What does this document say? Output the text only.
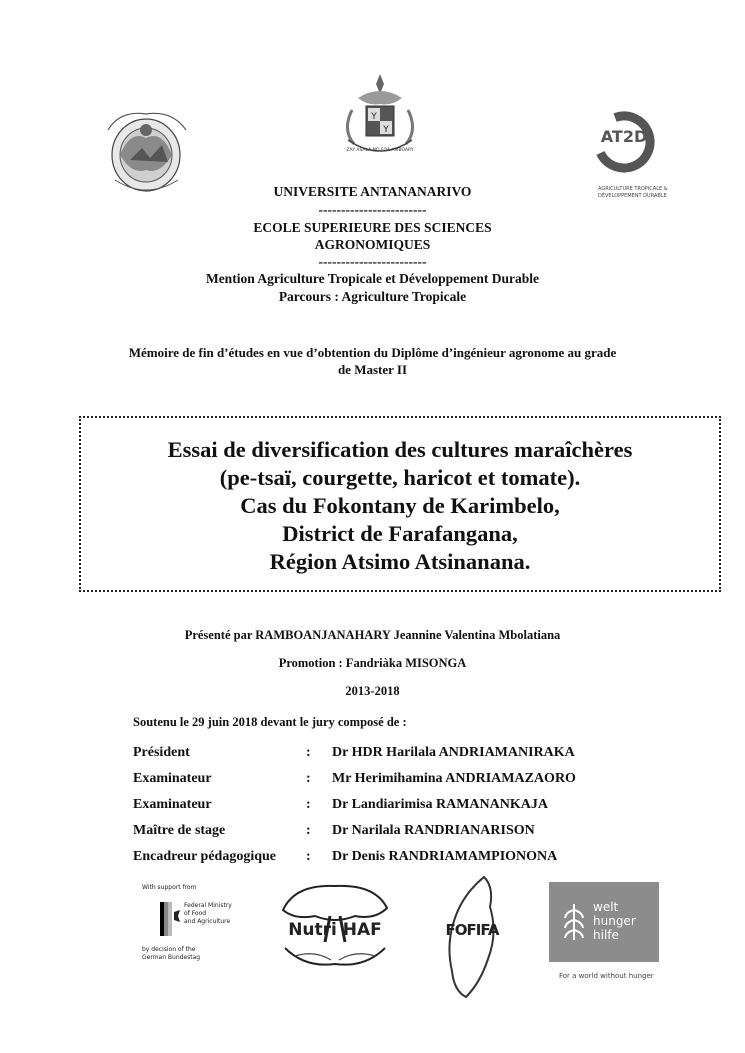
Y
Y
ZAY ASALA NO FOA AMBOARY
AT2D
AGRICULTURE TROPICALE &
DÉVELOPPEMENT DURABLE
UNIVERSITE ANTANANARIVO
------------------------
ECOLE SUPERIEURE DES SCIENCES
AGRONOMIQUES
------------------------
Mention Agriculture Tropicale et Développement Durable
Parcours : Agriculture Tropicale
Mémoire de fin d’études en vue d’obtention du Diplôme d’ingénieur agronome au grade
de Master II
Essai de diversification des cultures maraîchères
(pe-tsaï, courgette, haricot et tomate).
Cas du Fokontany de Karimbelo,
District de Farafangana,
Région Atsimo Atsinanana.
Présenté par RAMBOANJANAHARY Jeannine Valentina Mbolatiana
Promotion : Fandriàka MISONGA
2013-2018
Soutenu le 29 juin 2018 devant le jury composé de :
Président	: Dr HDR Harilala ANDRIAMANIRAKA
Examinateur	: Mr Herimihamina ANDRIAMAZAORO
Examinateur	: Dr Landiarimisa RAMANANKAJA
Maître de stage	: Dr Narilala RANDRIANARISON
Encadreur pédagogique : Dr Denis RANDRIAMAMPIONONA
With support from
Federal Ministry
of Food
and Agriculture
by decision of the
German Bundestag
Nutri HAF	FOFIFA
welt
hunger
hilfe
For a world without hunger
